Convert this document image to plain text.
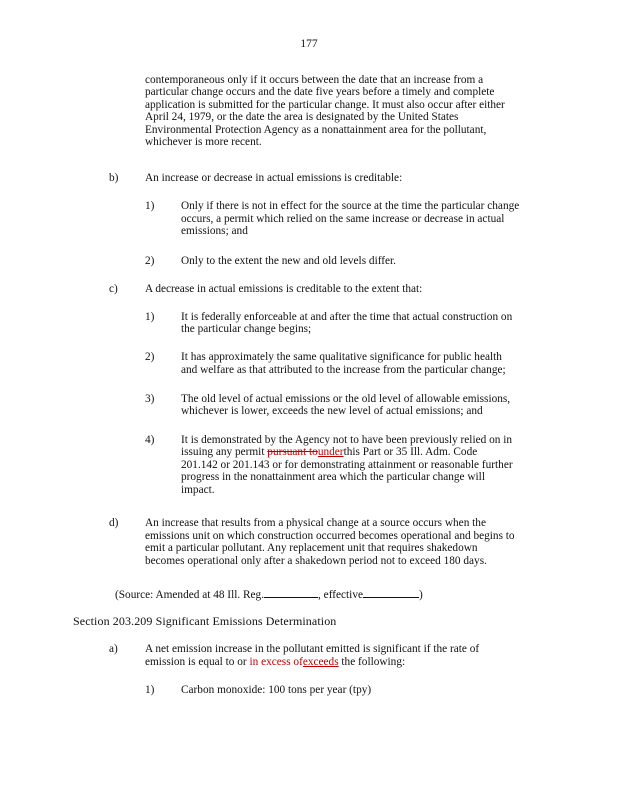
177
contemporaneous only if it occurs between the date that an increase from a
particular change occurs and the date five years before a timely and complete
application is submitted for the particular change. It must also occur after either
April 24, 1979, or the date the area is designated by the United States
Environmental Protection Agency as a nonattainment area for the pollutant,
whichever is more recent.
b) An increase or decrease in actual emissions is creditable:
1) Only if there is not in effect for the source at the time the particular change
occurs, a permit which relied on the same increase or decrease in actual
emissions; and
2) Only to the extent the new and old levels differ.
c) A decrease in actual emissions is creditable to the extent that:
1) It is federally enforceable at and after the time that actual construction on
the particular change begins;
2) It has approximately the same qualitative significance for public health
and welfare as that attributed to the increase from the particular change;
3) The old level of actual emissions or the old level of allowable emissions,
whichever is lower, exceeds the new level of actual emissions; and
4) It is demonstrated by the Agency not to have been previously relied on in
issuing any permit pursuant tounderthis Part or 35 Ill. Adm. Code
201.142 or 201.143 or for demonstrating attainment or reasonable further
progress in the nonattainment area which the particular change will
impact.
d) An increase that results from a physical change at a source occurs when the
emissions unit on which construction occurred becomes operational and begins to
emit a particular pollutant. Any replacement unit that requires shakedown
becomes operational only after a shakedown period not to exceed 180 days.
(Source: Amended at 48 Ill. Reg.	, effective	)
Section 203.209 Significant Emissions Determination
a) A net emission increase in the pollutant emitted is significant if the rate of
emission is equal to or in excess ofexceeds the following:
1) Carbon monoxide: 100 tons per year (tpy)
